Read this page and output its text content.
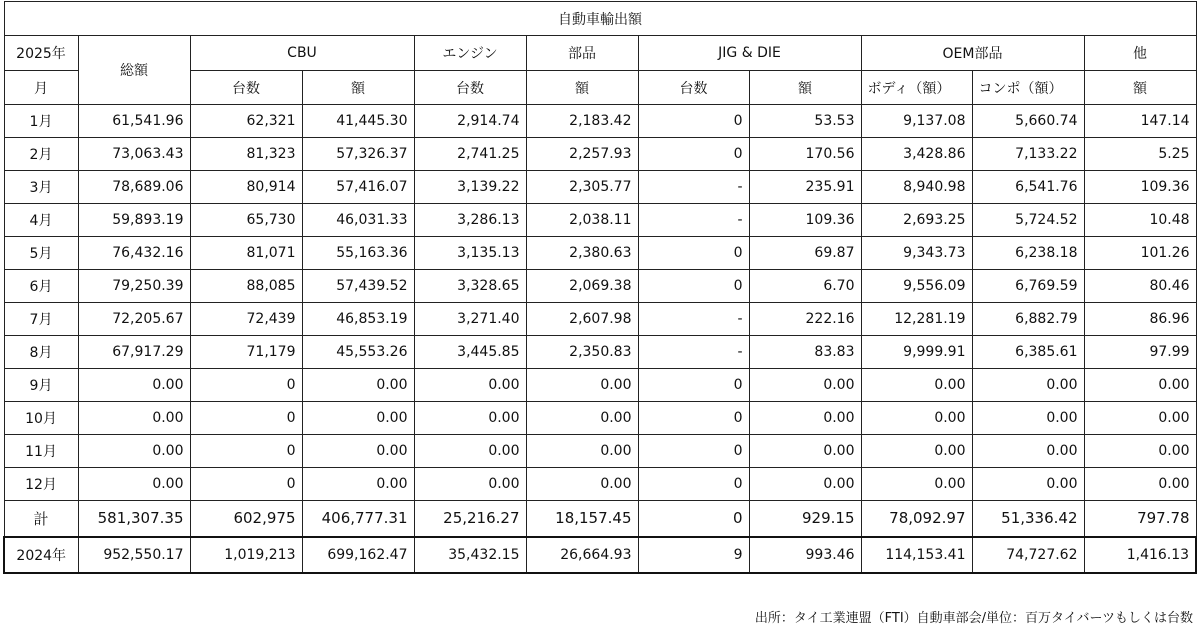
自動車輸出額										
2025年	総額	CBU		エンジン	部品	JIG & DIE		OEM部品		他
月		台数	額	台数	額	台数	額	ボディ（額）	コンポ（額）	額
1月	61,541.96	62,321	41,445.30	2,914.74	2,183.42	0	53.53	9,137.08	5,660.74	147.14
2月	73,063.43	81,323	57,326.37	2,741.25	2,257.93	0	170.56	3,428.86	7,133.22	5.25
3月	78,689.06	80,914	57,416.07	3,139.22	2,305.77	-	235.91	8,940.98	6,541.76	109.36
4月	59,893.19	65,730	46,031.33	3,286.13	2,038.11	-	109.36	2,693.25	5,724.52	10.48
5月	76,432.16	81,071	55,163.36	3,135.13	2,380.63	0	69.87	9,343.73	6,238.18	101.26
6月	79,250.39	88,085	57,439.52	3,328.65	2,069.38	0	6.70	9,556.09	6,769.59	80.46
7月	72,205.67	72,439	46,853.19	3,271.40	2,607.98	-	222.16	12,281.19	6,882.79	86.96
8月	67,917.29	71,179	45,553.26	3,445.85	2,350.83	-	83.83	9,999.91	6,385.61	97.99
9月	0.00	0	0.00	0.00	0.00	0	0.00	0.00	0.00	0.00
10月	0.00	0	0.00	0.00	0.00	0	0.00	0.00	0.00	0.00
11月	0.00	0	0.00	0.00	0.00	0	0.00	0.00	0.00	0.00
12月	0.00	0	0.00	0.00	0.00	0	0.00	0.00	0.00	0.00
計	581,307.35	602,975	406,777.31	25,216.27	18,157.45	0	929.15	78,092.97	51,336.42	797.78
2024年	952,550.17	1,019,213	699,162.47	35,432.15	26,664.93	9	993.46	114,153.41	74,727.62	1,416.13
出所：タイ工業連盟（FTI）自動車部会/単位：百万タイバーツもしくは台数
